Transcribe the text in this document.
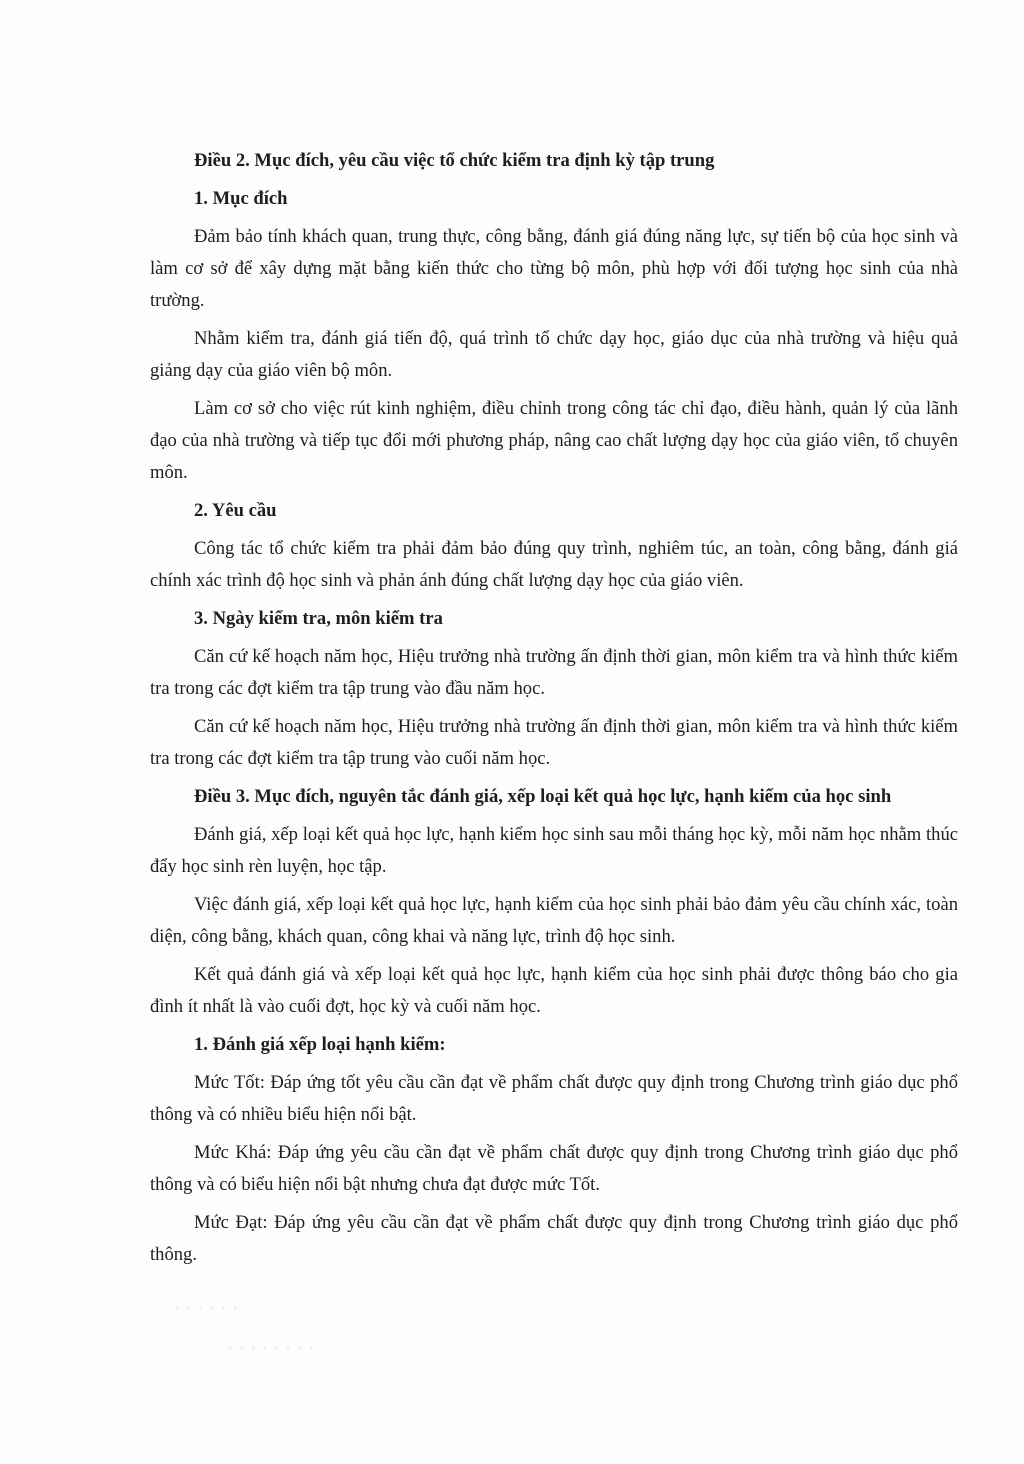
Điều 2. Mục đích, yêu cầu việc tổ chức kiểm tra định kỳ tập trung
1. Mục đích

Đảm bảo tính khách quan, trung thực, công bằng, đánh giá đúng năng lực, sự tiến bộ của học sinh và làm cơ sở để xây dựng mặt bằng kiến thức cho từng bộ môn, phù hợp với đối tượng học sinh của nhà trường.

Nhằm kiểm tra, đánh giá tiến độ, quá trình tổ chức dạy học, giáo dục của nhà trường và hiệu quả giảng dạy của giáo viên bộ môn.

Làm cơ sở cho việc rút kinh nghiệm, điều chỉnh trong công tác chỉ đạo, điều hành, quản lý của lãnh đạo của nhà trường và tiếp tục đổi mới phương pháp, nâng cao chất lượng dạy học của giáo viên, tổ chuyên môn.

2. Yêu cầu

Công tác tổ chức kiểm tra phải đảm bảo đúng quy trình, nghiêm túc, an toàn, công bằng, đánh giá chính xác trình độ học sinh và phản ánh đúng chất lượng dạy học của giáo viên.

3. Ngày kiểm tra, môn kiểm tra

Căn cứ kế hoạch năm học, Hiệu trưởng nhà trường ấn định thời gian, môn kiểm tra và hình thức kiểm tra trong các đợt kiểm tra tập trung vào đầu năm học.

Căn cứ kế hoạch năm học, Hiệu trưởng nhà trường ấn định thời gian, môn kiểm tra và hình thức kiểm tra trong các đợt kiểm tra tập trung vào cuối năm học.

Điều 3. Mục đích, nguyên tắc đánh giá, xếp loại kết quả học lực, hạnh kiểm của học sinh

Đánh giá, xếp loại kết quả học lực, hạnh kiểm học sinh sau mỗi tháng học kỳ, mỗi năm học nhằm thúc đẩy học sinh rèn luyện, học tập.

Việc đánh giá, xếp loại kết quả học lực, hạnh kiểm của học sinh phải bảo đảm yêu cầu chính xác, toàn diện, công bằng, khách quan, công khai và năng lực, trình độ học sinh.

Kết quả đánh giá và xếp loại kết quả học lực, hạnh kiểm của học sinh phải được thông báo cho gia đình ít nhất là vào cuối đợt, học kỳ và cuối năm học.

1. Đánh giá xếp loại hạnh kiểm:

Mức Tốt: Đáp ứng tốt yêu cầu cần đạt về phẩm chất được quy định trong Chương trình giáo dục phổ thông và có nhiều biểu hiện nổi bật.

Mức Khá: Đáp ứng yêu cầu cần đạt về phẩm chất được quy định trong Chương trình giáo dục phổ thông và có biểu hiện nổi bật nhưng chưa đạt được mức Tốt.

Mức Đạt: Đáp ứng yêu cầu cần đạt về phẩm chất được quy định trong Chương trình giáo dục phổ thông.

· · · · · ·
· · · · · · · ·
